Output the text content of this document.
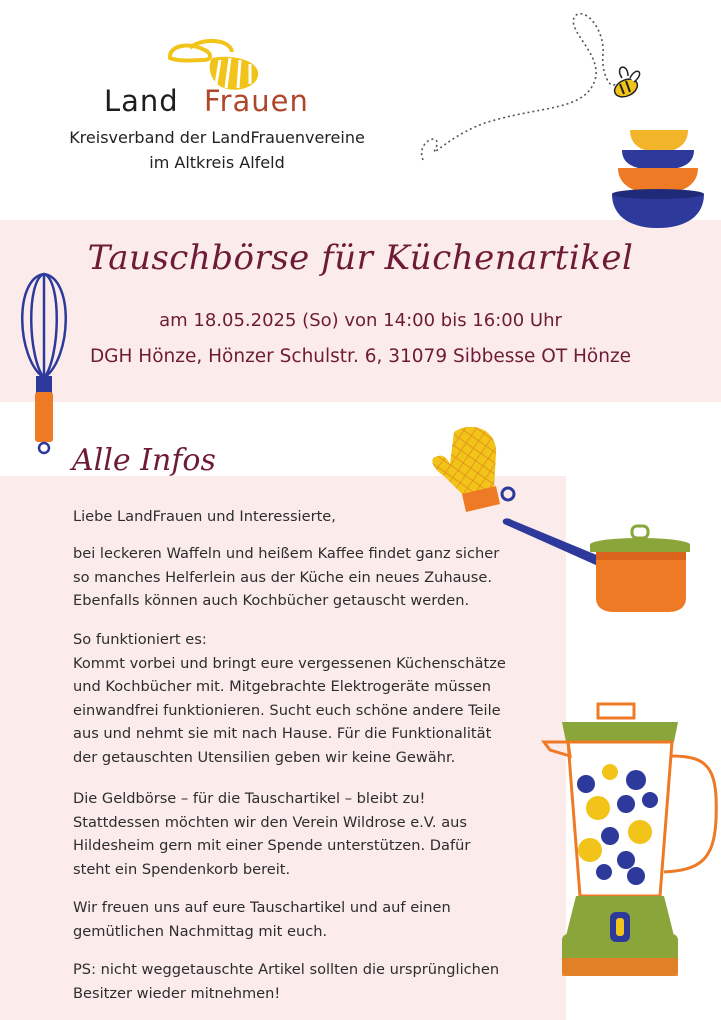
Land Frauen
Kreisverband der LandFrauenvereine
im Altkreis Alfeld
Tauschbörse für Küchenartikel
am 18.05.2025 (So) von 14:00 bis 16:00 Uhr
DGH Hönze, Hönzer Schulstr. 6, 31079 Sibbesse OT Hönze
Alle Infos
Liebe LandFrauen und Interessierte,
bei leckeren Waffeln und heißem Kaffee findet ganz sicher
so manches Helferlein aus der Küche ein neues Zuhause.
Ebenfalls können auch Kochbücher getauscht werden.
So funktioniert es:
Kommt vorbei und bringt eure vergessenen Küchenschätze
und Kochbücher mit. Mitgebrachte Elektrogeräte müssen
einwandfrei funktionieren. Sucht euch schöne andere Teile
aus und nehmt sie mit nach Hause. Für die Funktionalität
der getauschten Utensilien geben wir keine Gewähr.
Die Geldbörse – für die Tauschartikel – bleibt zu!
Stattdessen möchten wir den Verein Wildrose e.V. aus
Hildesheim gern mit einer Spende unterstützen. Dafür
steht ein Spendenkorb bereit.
Wir freuen uns auf eure Tauschartikel und auf einen
gemütlichen Nachmittag mit euch.
PS: nicht weggetauschte Artikel sollten die ursprünglichen
Besitzer wieder mitnehmen!
